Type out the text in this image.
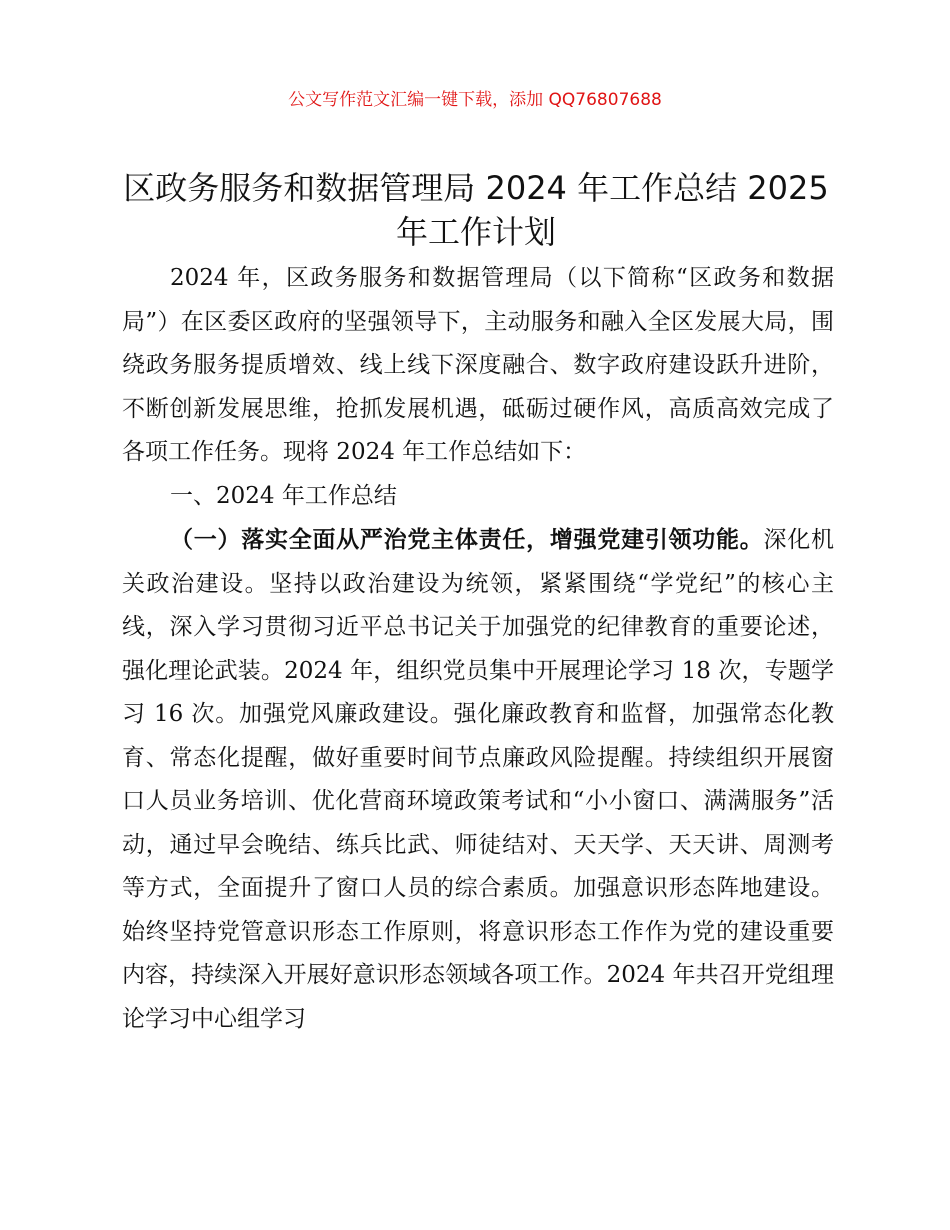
公文写作范文汇编一键下载，添加 QQ76807688
区政务服务和数据管理局 2024 年工作总结 2025 年工作计划

2024 年，区政务服务和数据管理局（以下简称“区政务和数据局”）在区委区政府的坚强领导下，主动服务和融入全区发展大局，围绕政务服务提质增效、线上线下深度融合、数字政府建设跃升进阶，不断创新发展思维，抢抓发展机遇，砥砺过硬作风，高质高效完成了各项工作任务。现将 2024 年工作总结如下：

一、2024 年工作总结

（一）落实全面从严治党主体责任，增强党建引领功能。深化机关政治建设。坚持以政治建设为统领，紧紧围绕“学党纪”的核心主线，深入学习贯彻习近平总书记关于加强党的纪律教育的重要论述，强化理论武装。2024 年，组织党员集中开展理论学习 18 次，专题学习 16 次。加强党风廉政建设。强化廉政教育和监督，加强常态化教育、常态化提醒，做好重要时间节点廉政风险提醒。持续组织开展窗口人员业务培训、优化营商环境政策考试和“小小窗口、满满服务”活动，通过早会晚结、练兵比武、师徒结对、天天学、天天讲、周测考等方式，全面提升了窗口人员的综合素质。加强意识形态阵地建设。始终坚持党管意识形态工作原则，将意识形态工作作为党的建设重要内容，持续深入开展好意识形态领域各项工作。2024 年共召开党组理论学习中心组学习
